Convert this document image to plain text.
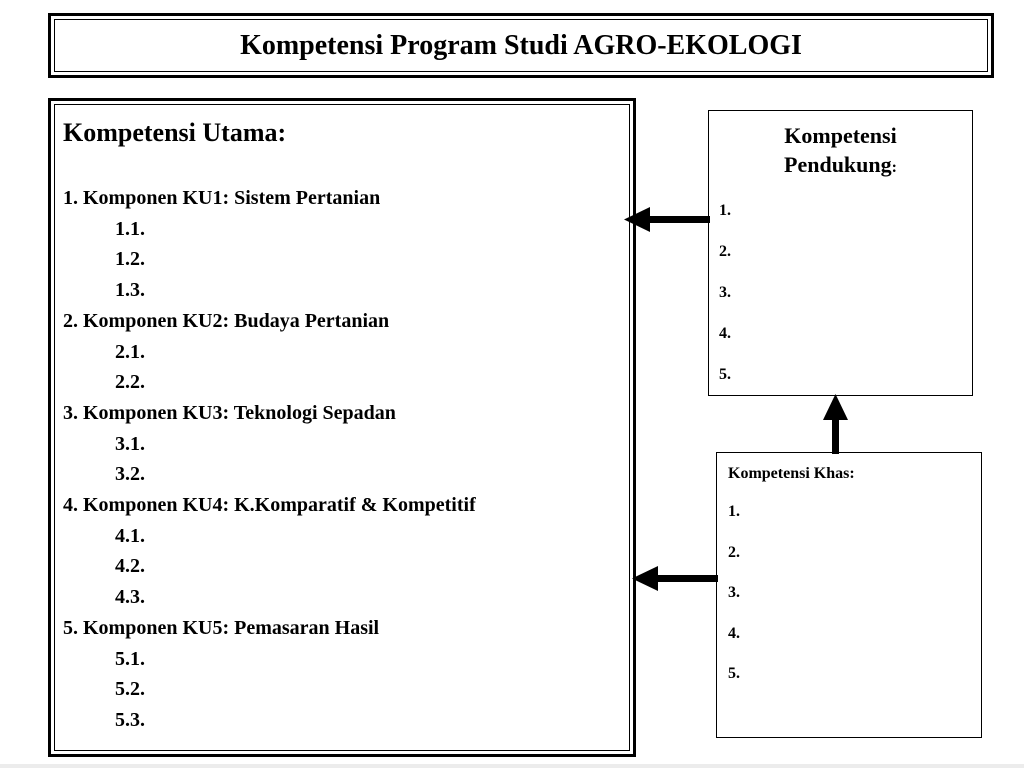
Kompetensi Program Studi AGRO-EKOLOGI
Kompetensi Utama:
1. Komponen KU1: Sistem Pertanian
1.1.
1.2.
1.3.
2. Komponen KU2: Budaya Pertanian
2.1.
2.2.
3. Komponen KU3: Teknologi Sepadan
3.1.
3.2.
4. Komponen KU4: K.Komparatif & Kompetitif
4.1.
4.2.
4.3.
5. Komponen KU5: Pemasaran Hasil
5.1.
5.2.
5.3.
Kompetensi
Pendukung:
1.
2.
3.
4.
5.
Kompetensi Khas:
1.
2.
3.
4.
5.
